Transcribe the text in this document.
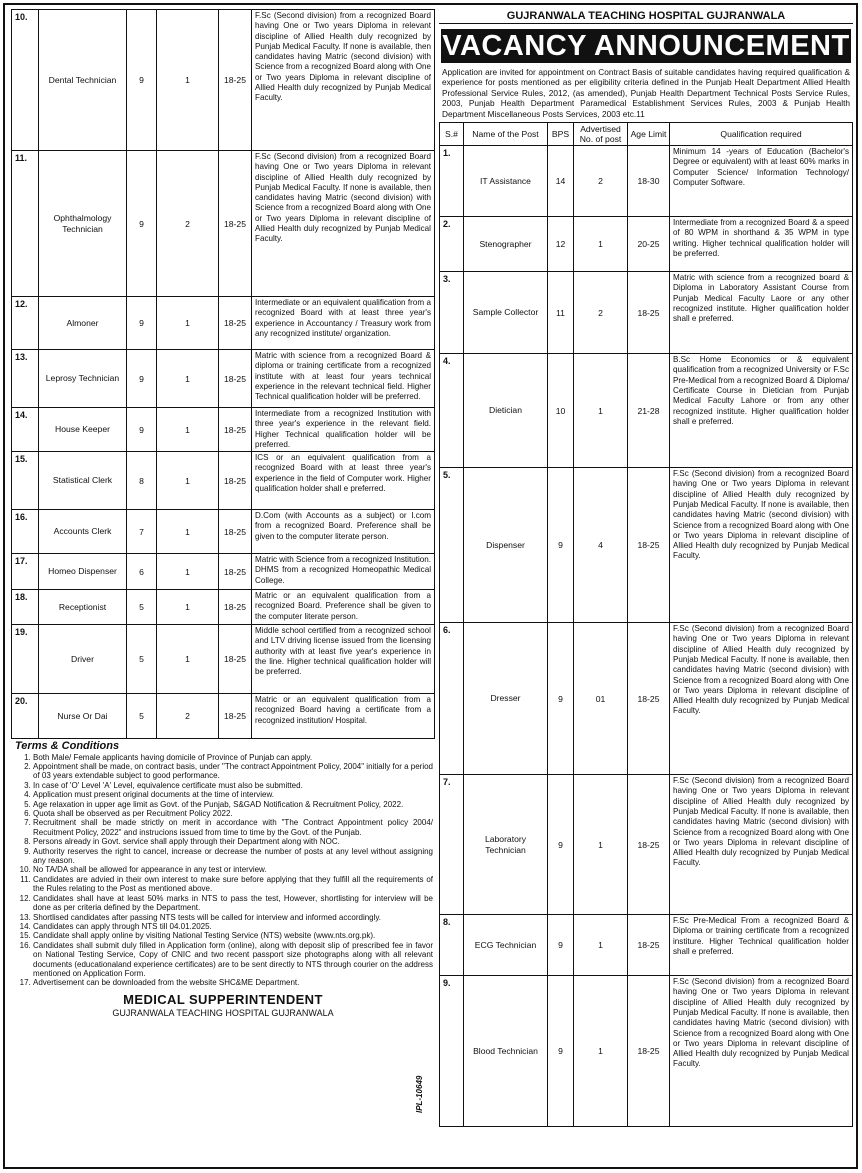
10.	Dental Technician	9	1	18-25	F.Sc (Second division) from a recognized Board having One or Two years Diploma in relevant discipline of Allied Health duly recognized by Punjab Medical Faculty. If none is available, then candidates having Matric (second division) with Science from a recognized Board along with One or Two years Diploma in relevant discipline of Allied Health duly recognized by Punjab Medical Faculty.
11.	Ophthalmology Technician	9	2	18-25	F.Sc (Second division) from a recognized Board having One or Two years Diploma in relevant discipline of Allied Health duly recognized by Punjab Medical Faculty. If none is available, then candidates having Matric (second division) with Science from a recognized Board along with One or Two years Diploma in relevant discipline of Allied Health duly recognized by Punjab Medical Faculty.
12.	Almoner	9	1	18-25	Intermediate or an equivalent qualification from a recognized Board with at least three year's experience in Accountancy / Treasury work from any recognized institute/ organization.
13.	Leprosy Technician	9	1	18-25	Matric with science from a recognized Board & diploma or training certificate from a recognized institute with at least four years technical experience in the relevant technical field. Higher Technical qualification holder will be preferred.
14.	House Keeper	9	1	18-25	Intermediate from a recognized Institution with three year's experience in the relevant field. Higher Technical qualification holder will be preferred.
15.	Statistical Clerk	8	1	18-25	ICS or an equivalent qualification from a recognized Board with at least three year's experience in the field of Computer work. Higher qualification holder shall e preferred.
16.	Accounts Clerk	7	1	18-25	D.Com (with Accounts as a subject) or I.com from a recognized Board. Preference shall be given to the computer literate person.
17.	Homeo Dispenser	6	1	18-25	Matric with Science from a recognized Institution. DHMS from a recognized Homeopathic Medical College.
18.	Receptionist	5	1	18-25	Matric or an equivalent qualification from a recognized Board. Preference shall be given to the computer literate person.
19.	Driver	5	1	18-25	Middle school certified from a recognized school and LTV driving license issued from the licensing authority with at least five year's experience in the line. Higher technical qualification holder will be preferred.
20.	Nurse Or Dai	5	2	18-25	Matric or an equivalent qualification from a recognized Board having a certificate from a recognized institution/ Hospital.
Terms & Conditions
1. Both Male/ Female applicants having domicile of Province of Punjab can apply.
2. Appointment shall be made, on contract basis, under "The contract Appointment Policy, 2004" initially for a period of 03 years extendable subject to good performance.
3. In case of 'O' Level 'A' Level, equivalence certificate must also be submitted.
4. Application must present original documents at the time of interview.
5. Age relaxation in upper age limit as Govt. of the Punjab, S&GAD Notification & Recruitment Policy, 2022.
6. Quota shall be observed as per Recuitment Policy 2022.
7. Recruitment shall be made strictly on merit in accordance with "The Contract Appointment policy 2004/ Recuitment Policy, 2022" and instrucions issued from time to time by the Govt. of the Punjab.
8. Persons already in Govt. service shall apply through their Department along with NOC.
9. Authority reserves the right to cancel, increase or decrease the number of posts at any level without assigning any reason.
10. No TA/DA shall be allowed for appearance in any test or interview.
11. Candidates are advied in their own interest to make sure before applying that they fulfill all the requirements of the Rules relating to the Post as mentioned above.
12. Candidates shall have at least 50% marks in NTS to pass the test, However, shortlisting for interview will be done as per criteria defined by the Department.
13. Shortlised candidates after passing NTS tests will be called for interview and informed accordingly.
14. Candidates can apply through NTS till 04.01.2025.
15. Candidate shall apply online by visiting National Testing Service (NTS) website (www.nts.org.pk).
16. Candidates shall submit duly filled in Application form (online), along with deposit slip of prescribed fee in favor on National Testing Service, Copy of CNIC and two recent passport size photographs along with all relevant documents (educationaland experience certificates) are to be sent directly to NTS through courier on the address mentioned on Application Form.
17. Advertisement can be downloaded from the website SHC&ME Department.
MEDICAL SUPPERINTENDENT
GUJRANWALA TEACHING HOSPITAL GUJRANWALA
IPL-10649
GUJRANWALA TEACHING HOSPITAL GUJRANWALA
VACANCY ANNOUNCEMENT
Application are invited for appointment on Contract Basis of suitable candidates having required qualification & experience for posts mentioned as per eligibility criteria defined in the Punjab Healt Department Allied Health Professional Service Rules, 2012, (as amended), Punjab Health Department Technical Posts Service Rules, 2003, Punjab Health Department Paramedical Establishment Services Rules, 2003 & Punjab Health Department Miscellaneous Posts Services, 2003 etc.11
S.#	Name of the Post	BPS	Advertised No. of post	Age Limit	Qualification required
1.	IT Assistance	14	2	18-30	Minimum 14 -years of Education (Bachelor's Degree or equivalent) with at least 60% marks in Computer Science/ Information Technology/ Computer Software.
2.	Stenographer	12	1	20-25	Intermediate from a recognized Board & a speed of 80 WPM in shorthand & 35 WPM in type writing. Higher technical qualification holder will be preferred.
3.	Sample Collector	11	2	18-25	Matric with science from a recognized board & Diploma in Laboratory Assistant Course from Punjab Medical Faculty Laore or any other recognized institute. Higher qualification holder shall e preferred.
4.	Dietician	10	1	21-28	B.Sc Home Economics or & equivalent qualification from a recognized University or F.Sc Pre-Medical from a recognized Board & Diploma/ Certificate Course in Dietician from Punjab Medical Faculty Lahore or from any other recognized institute. Higher qualification holder shall e preferred.
5.	Dispenser	9	4	18-25	F.Sc (Second division) from a recognized Board having One or Two years Diploma in relevant discipline of Allied Health duly recognized by Punjab Medical Faculty. If none is available, then candidates having Matric (second division) with Science from a recognized Board along with One or Two years Diploma in relevant discipline of Allied Health duly recognized by Punjab Medical Faculty.
6.	Dresser	9	01	18-25	F.Sc (Second division) from a recognized Board having One or Two years Diploma in relevant discipline of Allied Health duly recognized by Punjab Medical Faculty. If none is available, then candidates having Matric (second division) with Science from a recognized Board along with One or Two years Diploma in relevant discipline of Allied Health duly recognized by Punjab Medical Faculty.
7.	Laboratory Technician	9	1	18-25	F.Sc (Second division) from a recognized Board having One or Two years Diploma in relevant discipline of Allied Health duly recognized by Punjab Medical Faculty. If none is available, then candidates having Matric (second division) with Science from a recognized Board along with One or Two years Diploma in relevant discipline of Allied Health duly recognized by Punjab Medical Faculty.
8.	ECG Technician	9	1	18-25	F.Sc Pre-Medical From a recognized Board & Diploma or training certificate from a recognized institure. Higher Technical qualification holder shall e preferred.
9.	Blood Technician	9	1	18-25	F.Sc (Second division) from a recognized Board having One or Two years Diploma in relevant discipline of Allied Health duly recognized by Punjab Medical Faculty. If none is available, then candidates having Matric (second division) with Science from a recognized Board along with One or Two years Diploma in relevant discipline of Allied Health duly recognized by Punjab Medical Faculty.
